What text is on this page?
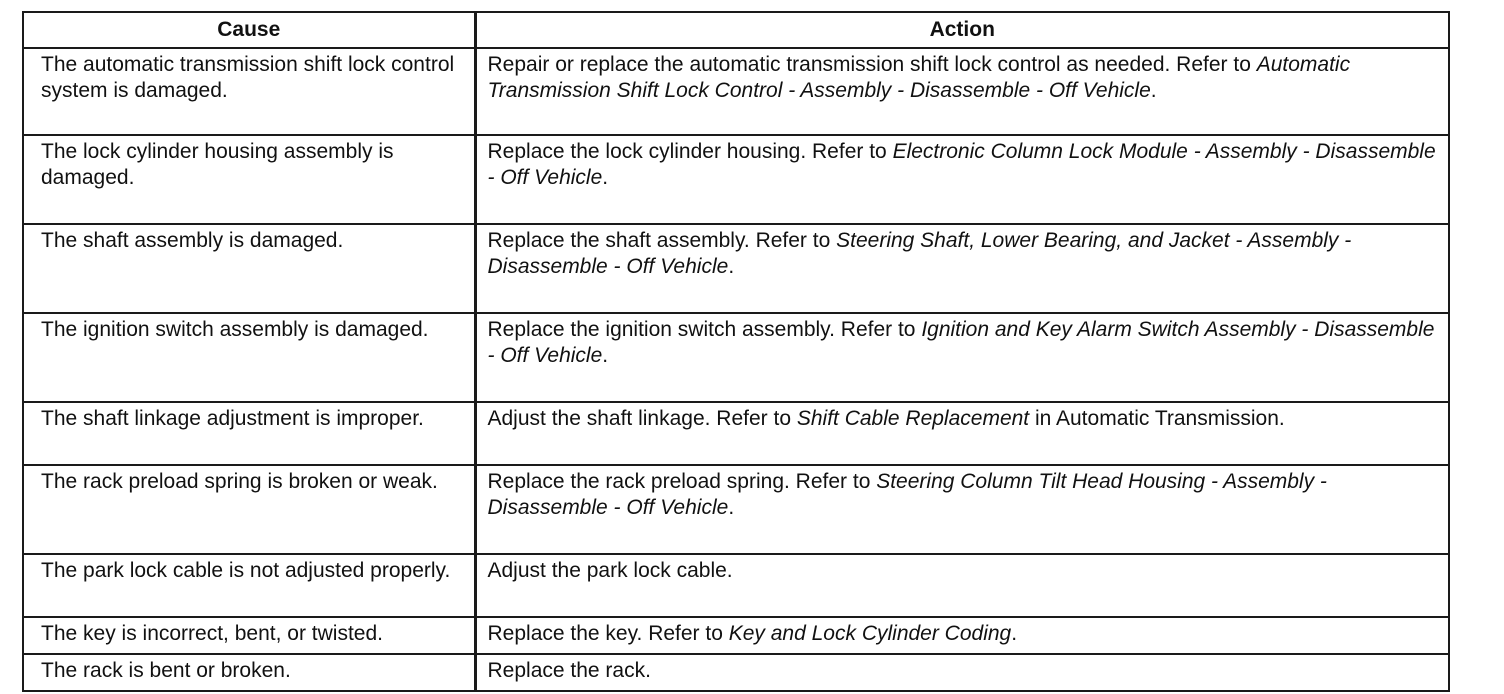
Cause	Action
The automatic transmission shift lock control system is damaged.	Repair or replace the automatic transmission shift lock control as needed. Refer to Automatic Transmission Shift Lock Control - Assembly - Disassemble - Off Vehicle.
The lock cylinder housing assembly is damaged.	Replace the lock cylinder housing. Refer to Electronic Column Lock Module - Assembly - Disassemble - Off Vehicle.
The shaft assembly is damaged.	Replace the shaft assembly. Refer to Steering Shaft, Lower Bearing, and Jacket - Assembly - Disassemble - Off Vehicle.
The ignition switch assembly is damaged.	Replace the ignition switch assembly. Refer to Ignition and Key Alarm Switch Assembly - Disassemble - Off Vehicle.
The shaft linkage adjustment is improper.	Adjust the shaft linkage. Refer to Shift Cable Replacement in Automatic Transmission.
The rack preload spring is broken or weak.	Replace the rack preload spring. Refer to Steering Column Tilt Head Housing - Assembly - Disassemble - Off Vehicle.
The park lock cable is not adjusted properly.	Adjust the park lock cable.
The key is incorrect, bent, or twisted.	Replace the key. Refer to Key and Lock Cylinder Coding.
The rack is bent or broken.	Replace the rack.
